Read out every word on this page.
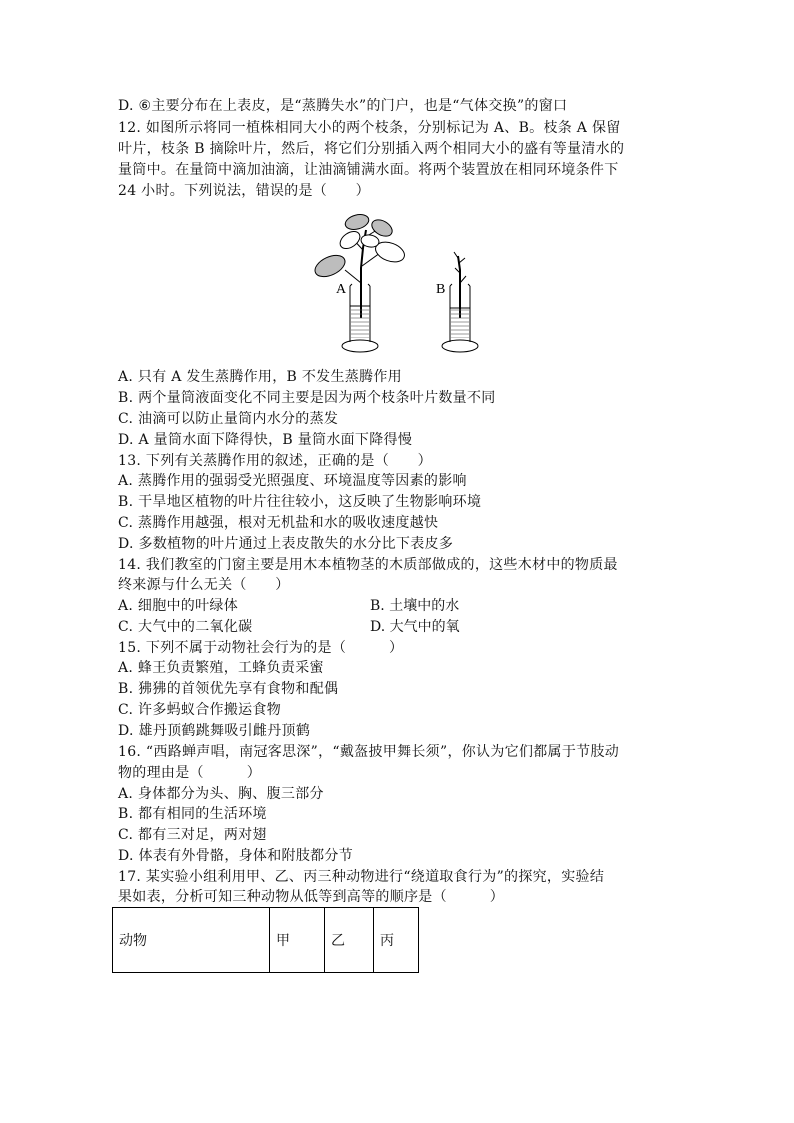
D. ⑥主要分布在上表皮，是“蒸腾失水”的门户，也是“气体交换”的窗口
12. 如图所示将同一植株相同大小的两个枝条，分别标记为 A、B。枝条 A 保留
叶片，枝条 B 摘除叶片，然后，将它们分别插入两个相同大小的盛有等量清水的
量筒中。在量筒中滴加油滴，让油滴铺满水面。将两个装置放在相同环境条件下
24 小时。下列说法，错误的是（　　）
A	B
A. 只有 A 发生蒸腾作用，B 不发生蒸腾作用
B. 两个量筒液面变化不同主要是因为两个枝条叶片数量不同
C. 油滴可以防止量筒内水分的蒸发
D. A 量筒水面下降得快，B 量筒水面下降得慢
13. 下列有关蒸腾作用的叙述，正确的是（　　）
A. 蒸腾作用的强弱受光照强度、环境温度等因素的影响
B. 干旱地区植物的叶片往往较小，这反映了生物影响环境
C. 蒸腾作用越强，根对无机盐和水的吸收速度越快
D. 多数植物的叶片通过上表皮散失的水分比下表皮多
14. 我们教室的门窗主要是用木本植物茎的木质部做成的，这些木材中的物质最
终来源与什么无关（　　）
A. 细胞中的叶绿体	B. 土壤中的水
C. 大气中的二氧化碳	D. 大气中的氧
15. 下列不属于动物社会行为的是（　　　）
A. 蜂王负责繁殖，工蜂负责采蜜
B. 狒狒的首领优先享有食物和配偶
C. 许多蚂蚁合作搬运食物
D. 雄丹顶鹤跳舞吸引雌丹顶鹤
16. “西路蝉声唱，南冠客思深”，“戴盔披甲舞长须”，你认为它们都属于节肢动
物的理由是（　　　）
A. 身体都分为头、胸、腹三部分
B. 都有相同的生活环境
C. 都有三对足，两对翅
D. 体表有外骨骼，身体和附肢都分节
17. 某实验小组利用甲、乙、丙三种动物进行“绕道取食行为”的探究，实验结
果如表，分析可知三种动物从低等到高等的顺序是（　　　）
动物	甲	乙	丙
